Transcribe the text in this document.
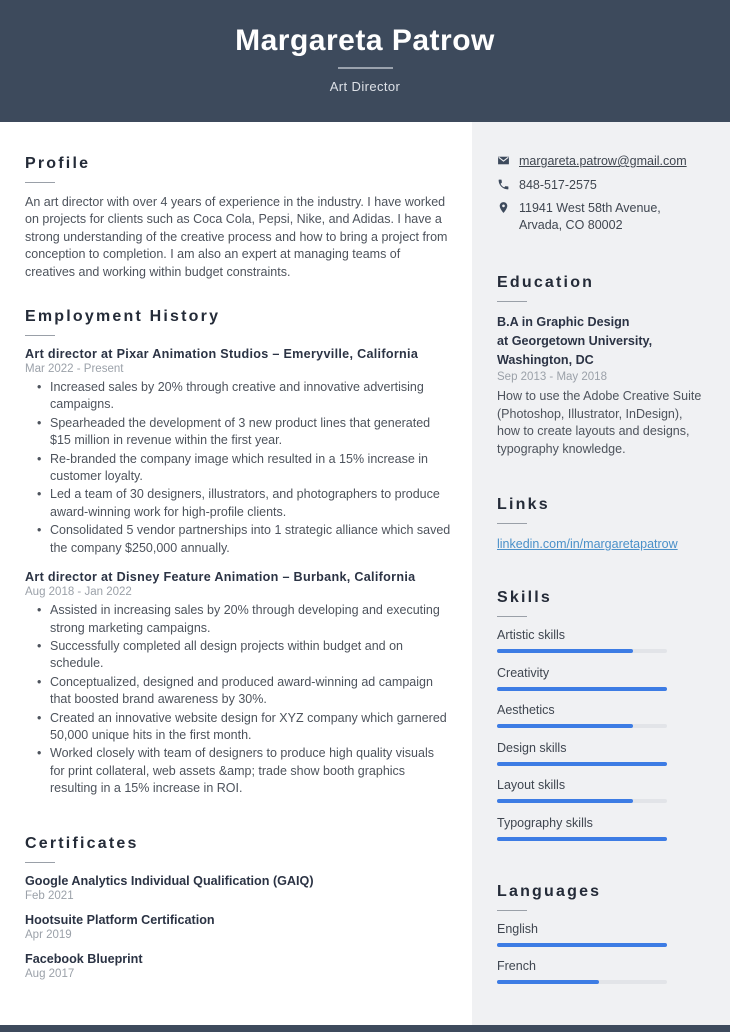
Margareta Patrow
Art Director
Profile

An art director with over 4 years of experience in the industry. I have worked on projects for clients such as Coca Cola, Pepsi, Nike, and Adidas. I have a strong understanding of the creative process and how to bring a project from conception to completion. I am also an expert at managing teams of creatives and working within budget constraints.

Employment History
Art director at Pixar Animation Studios – Emeryville, California
Mar 2022 - Present
• Increased sales by 20% through creative and innovative advertising campaigns.
• Spearheaded the development of 3 new product lines that generated $15 million in revenue within the first year.
• Re-branded the company image which resulted in a 15% increase in customer loyalty.
• Led a team of 30 designers, illustrators, and photographers to produce award-winning work for high-profile clients.
• Consolidated 5 vendor partnerships into 1 strategic alliance which saved the company $250,000 annually.
Art director at Disney Feature Animation – Burbank, California
Aug 2018 - Jan 2022
• Assisted in increasing sales by 20% through developing and executing strong marketing campaigns.
• Successfully completed all design projects within budget and on schedule.
• Conceptualized, designed and produced award-winning ad campaign that boosted brand awareness by 30%.
• Created an innovative website design for XYZ company which garnered 50,000 unique hits in the first month.
• Worked closely with team of designers to produce high quality visuals for print collateral, web assets &amp; trade show booth graphics resulting in a 15% increase in ROI.
Certificates
Google Analytics Individual Qualification (GAIQ)
Feb 2021
Hootsuite Platform Certification
Apr 2019
Facebook Blueprint
Aug 2017
margareta.patrow@gmail.com
848-517-2575
11941 West 58th Avenue, Arvada, CO 80002
Education
B.A in Graphic Design
at Georgetown University,
Washington, DC
Sep 2013 - May 2018

How to use the Adobe Creative Suite (Photoshop, Illustrator, InDesign), how to create layouts and designs, typography knowledge.

Links
linkedin.com/in/margaretapatrow
Skills
Artistic skills
Creativity
Aesthetics
Design skills
Layout skills
Typography skills
Languages
English
French
